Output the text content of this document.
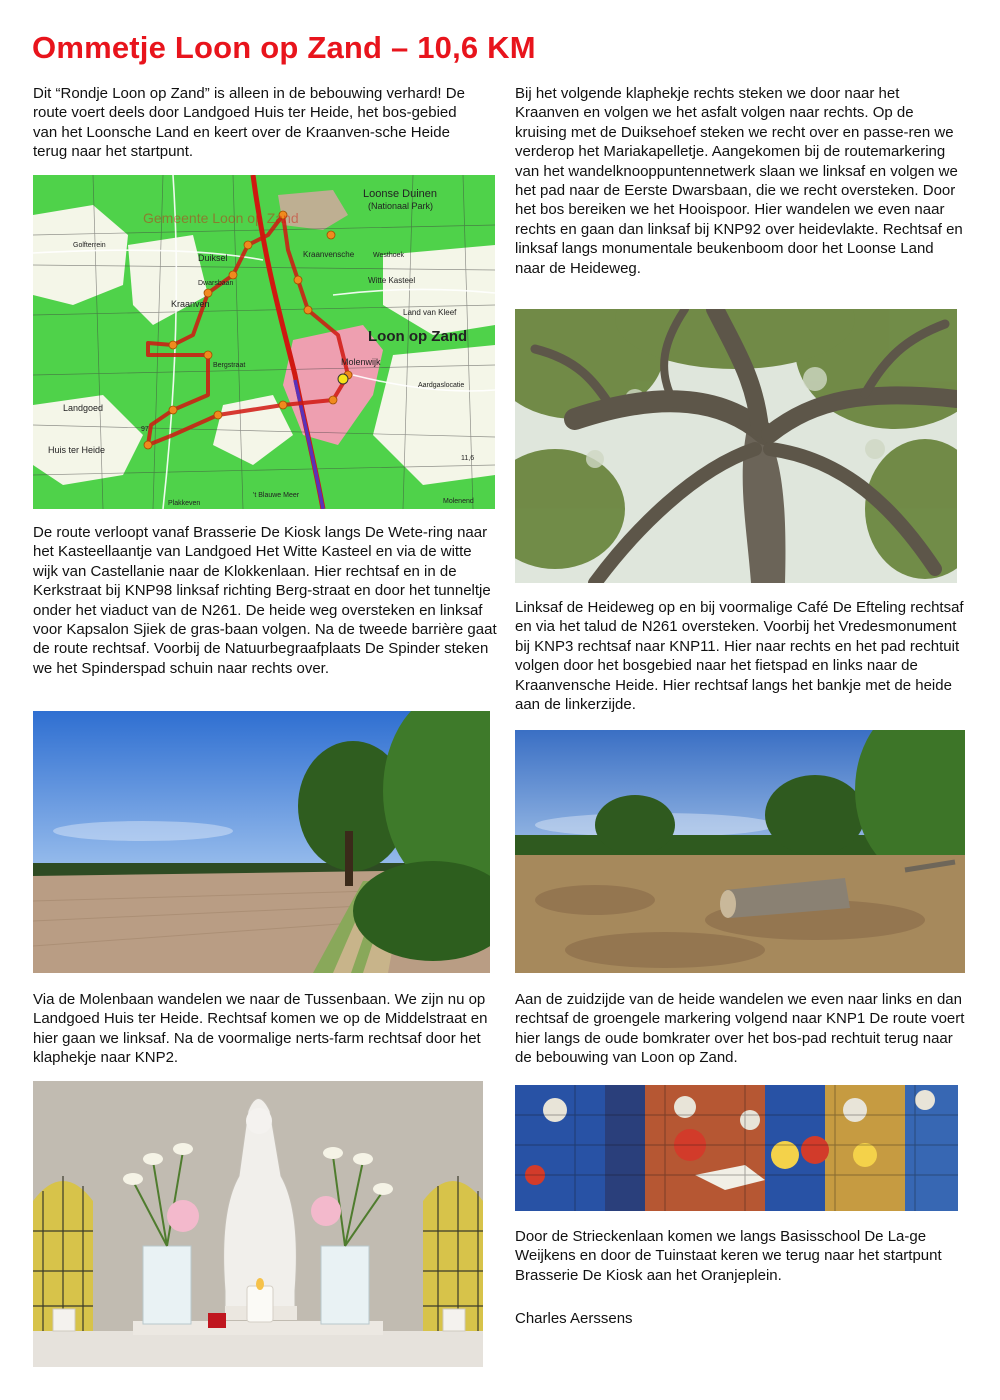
Ommetje Loon op Zand – 10,6 KM

Dit “Rondje Loon op Zand” is alleen in de bebouwing verhard! De route voert deels door Landgoed Huis ter Heide, het bos-gebied van het Loonsche Land en keert over de Kraanven-sche Heide terug naar het startpunt.

Loonse Duinen
(Nationaal Park)
Gemeente Loon op Zand
Duiksel
Golfterrein
Kraanven
Kraanvensche	Westhoek
Dwarsbaan	Witte Kasteel
Land van Kleef
Loon op Zand
Landgoed
Huis ter Heide
Molenwijk
Aardgaslocatie
Bergstraat
't Blauwe Meer
Plakkeven	Molenend
97
11,6

De route verloopt vanaf Brasserie De Kiosk langs De Wete-ring naar het Kasteellaantje van Landgoed Het Witte Kasteel en via de witte wijk van Castellanie naar de Klokkenlaan. Hier rechtsaf en in de Kerkstraat bij KNP98 linksaf richting Berg-straat en door het tunneltje onder het viaduct van de N261. De heide weg oversteken en linksaf voor Kapsalon Sjiek de gras-baan volgen. Na de tweede barrière gaat de route rechtsaf. Voorbij de Natuurbegraafplaats De Spinder steken we het Spinderspad schuin naar rechts over.

Via de Molenbaan wandelen we naar de Tussenbaan. We zijn nu op Landgoed Huis ter Heide. Rechtsaf komen we op de Middelstraat en hier gaan we linksaf. Na de voormalige nerts-farm rechtsaf door het klaphekje naar KNP2.

Bij het volgende klaphekje rechts steken we door naar het Kraanven en volgen we het asfalt volgen naar rechts. Op de kruising met de Duiksehoef steken we recht over en passe-ren we verderop het Mariakapelletje. Aangekomen bij de routemarkering van het wandelknooppuntennetwerk slaan we linksaf en volgen we het pad naar de Eerste Dwarsbaan, die we recht oversteken. Door het bos bereiken we het Hooispoor. Hier wandelen we even naar rechts en gaan dan linksaf bij KNP92 over heidevlakte. Rechtsaf en linksaf langs monumentale beukenboom door het Loonse Land naar de Heideweg.

Linksaf de Heideweg op en bij voormalige Café De Efteling rechtsaf en via het talud de N261 oversteken. Voorbij het Vredesmonument bij KNP3 rechtsaf naar KNP11. Hier naar rechts en het pad rechtuit volgen door het bosgebied naar het fietspad en links naar de Kraanvensche Heide. Hier rechtsaf langs het bankje met de heide aan de linkerzijde.

Aan de zuidzijde van de heide wandelen we even naar links en dan rechtsaf de groengele markering volgend naar KNP1 De route voert hier langs de oude bomkrater over het bos-pad rechtuit terug naar de bebouwing van Loon op Zand.

Door de Strieckenlaan komen we langs Basisschool De La-ge Weijkens en door de Tuinstaat keren we terug naar het startpunt Brasserie De Kiosk aan het Oranjeplein.

Charles Aerssens
